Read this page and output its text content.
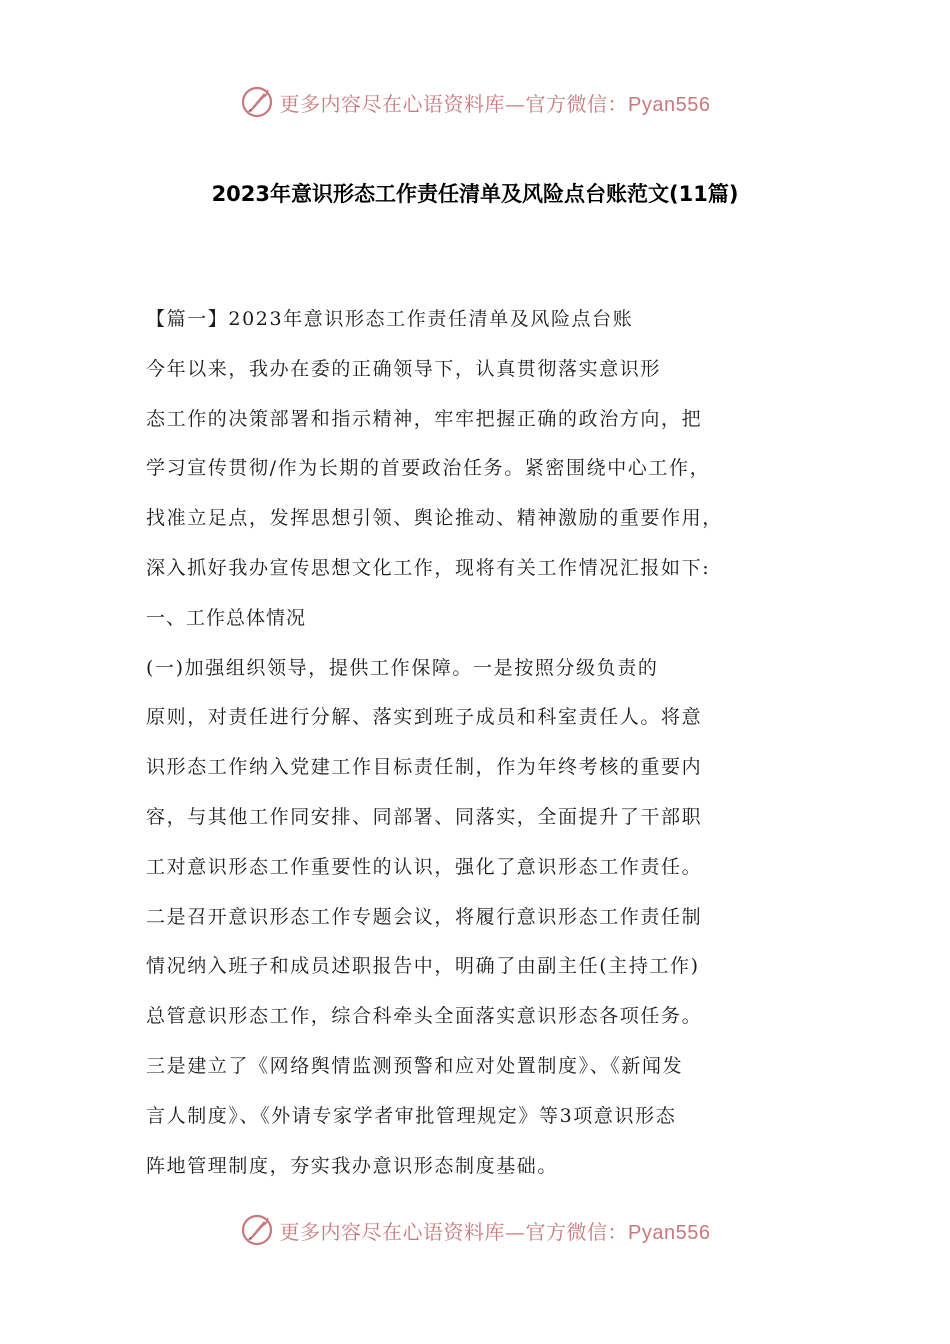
更多内容尽在心语资料库—官方微信：Pyan556
2023年意识形态工作责任清单及风险点台账范文(11篇)
【篇一】2023年意识形态工作责任清单及风险点台账
今年以来，我办在委的正确领导下，认真贯彻落实意识形
态工作的决策部署和指示精神，牢牢把握正确的政治方向，把
学习宣传贯彻/作为长期的首要政治任务。紧密围绕中心工作，
找准立足点，发挥思想引领、舆论推动、精神激励的重要作用，
深入抓好我办宣传思想文化工作，现将有关工作情况汇报如下:
一、工作总体情况
(一)加强组织领导，提供工作保障。一是按照分级负责的
原则，对责任进行分解、落实到班子成员和科室责任人。将意
识形态工作纳入党建工作目标责任制，作为年终考核的重要内
容，与其他工作同安排、同部署、同落实，全面提升了干部职
工对意识形态工作重要性的认识，强化了意识形态工作责任。
二是召开意识形态工作专题会议，将履行意识形态工作责任制
情况纳入班子和成员述职报告中，明确了由副主任(主持工作)
总管意识形态工作，综合科牵头全面落实意识形态各项任务。
三是建立了《网络舆情监测预警和应对处置制度》、《新闻发
言人制度》、《外请专家学者审批管理规定》等3项意识形态
阵地管理制度，夯实我办意识形态制度基础。
更多内容尽在心语资料库—官方微信：Pyan556
